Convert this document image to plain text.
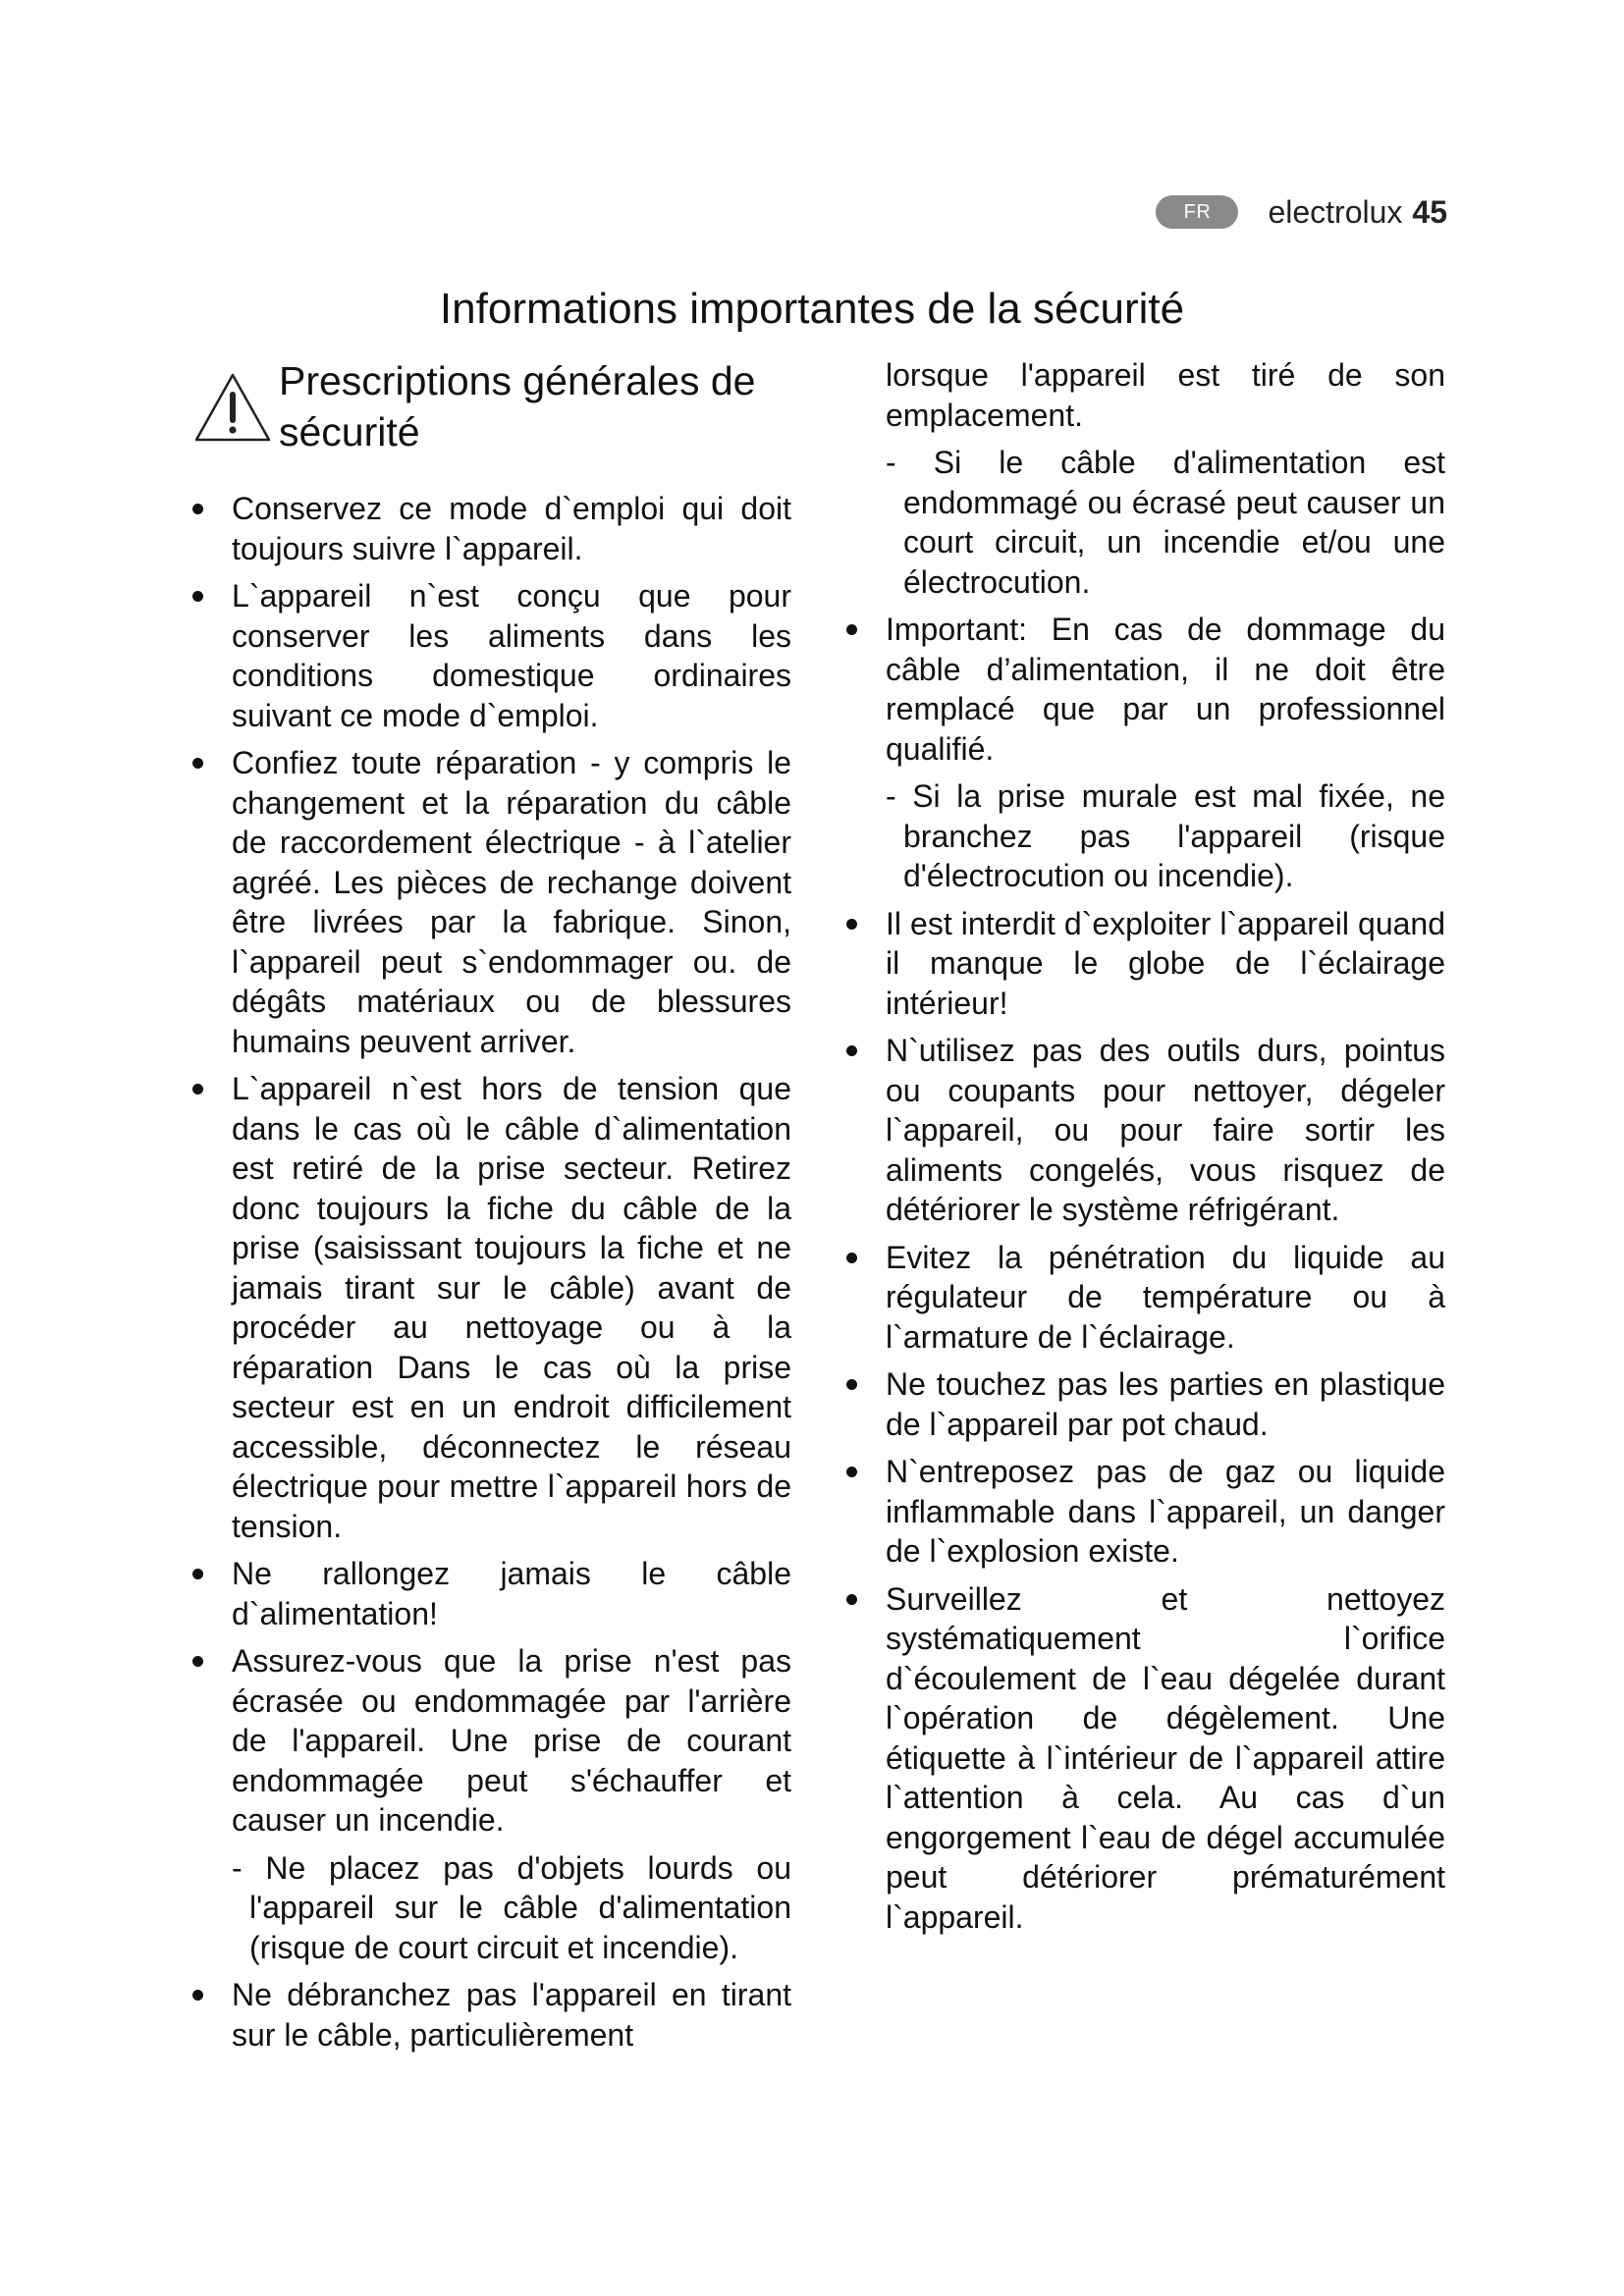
FR	electrolux 45
Informations importantes de la sécurité
Prescriptions générales de
sécurité
Conservez ce mode d`emploi qui doit toujours suivre l`appareil.
L`appareil n`est conçu que pour conserver les aliments dans les conditions domestique ordinaires suivant ce mode d`emploi.
Confiez toute réparation - y compris le changement et la réparation du câble de raccordement électrique - à l`atelier agréé. Les pièces de rechange doivent être livrées par la fabrique. Sinon, l`appareil peut s`endommager ou. de dégâts matériaux ou de blessures humains peuvent arriver.
L`appareil n`est hors de tension que dans le cas où le câble d`alimentation est retiré de la prise secteur. Retirez donc toujours la fiche du câble de la prise (saisissant toujours la fiche et ne jamais tirant sur le câble) avant de procéder au nettoyage ou à la réparation Dans le cas où la prise secteur est en un endroit difficilement accessible, déconnectez le réseau électrique pour mettre l`appareil hors de tension.
Ne rallongez jamais le câble d`alimentation!
Assurez-vous que la prise n'est pas écrasée ou endommagée par l'arrière de l'appareil. Une prise de courant endommagée peut s'échauffer et causer un incendie.
- Ne placez pas d'objets lourds ou l'appareil sur le câble d'alimentation (risque de court circuit et incendie).
Ne débranchez pas l'appareil en tirant sur le câble, particulièrement
lorsque l'appareil est tiré de son emplacement.
- Si le câble d'alimentation est endommagé ou écrasé peut causer un court circuit, un incendie et/ou une électrocution.
Important: En cas de dommage du câble d’alimentation, il ne doit être remplacé que par un professionnel qualifié.
- Si la prise murale est mal fixée, ne branchez pas l'appareil (risque d'électrocution ou incendie).
Il est interdit d`exploiter l`appareil quand il manque le globe de l`éclairage intérieur!
N`utilisez pas des outils durs, pointus ou coupants pour nettoyer, dégeler l`appareil, ou pour faire sortir les aliments congelés, vous risquez de détériorer le système réfrigérant.
Evitez la pénétration du liquide au régulateur de température ou à l`armature de l`éclairage.
Ne touchez pas les parties en plastique de l`appareil par pot chaud.
N`entreposez pas de gaz ou liquide inflammable dans l`appareil, un danger de l`explosion existe.
Surveillez et nettoyez systématiquement l`orifice d`écoulement de l`eau dégelée durant l`opération de dégèlement. Une étiquette à l`intérieur de l`appareil attire l`attention à cela. Au cas d`un engorgement l`eau de dégel accumulée peut détériorer prématurément l`appareil.
